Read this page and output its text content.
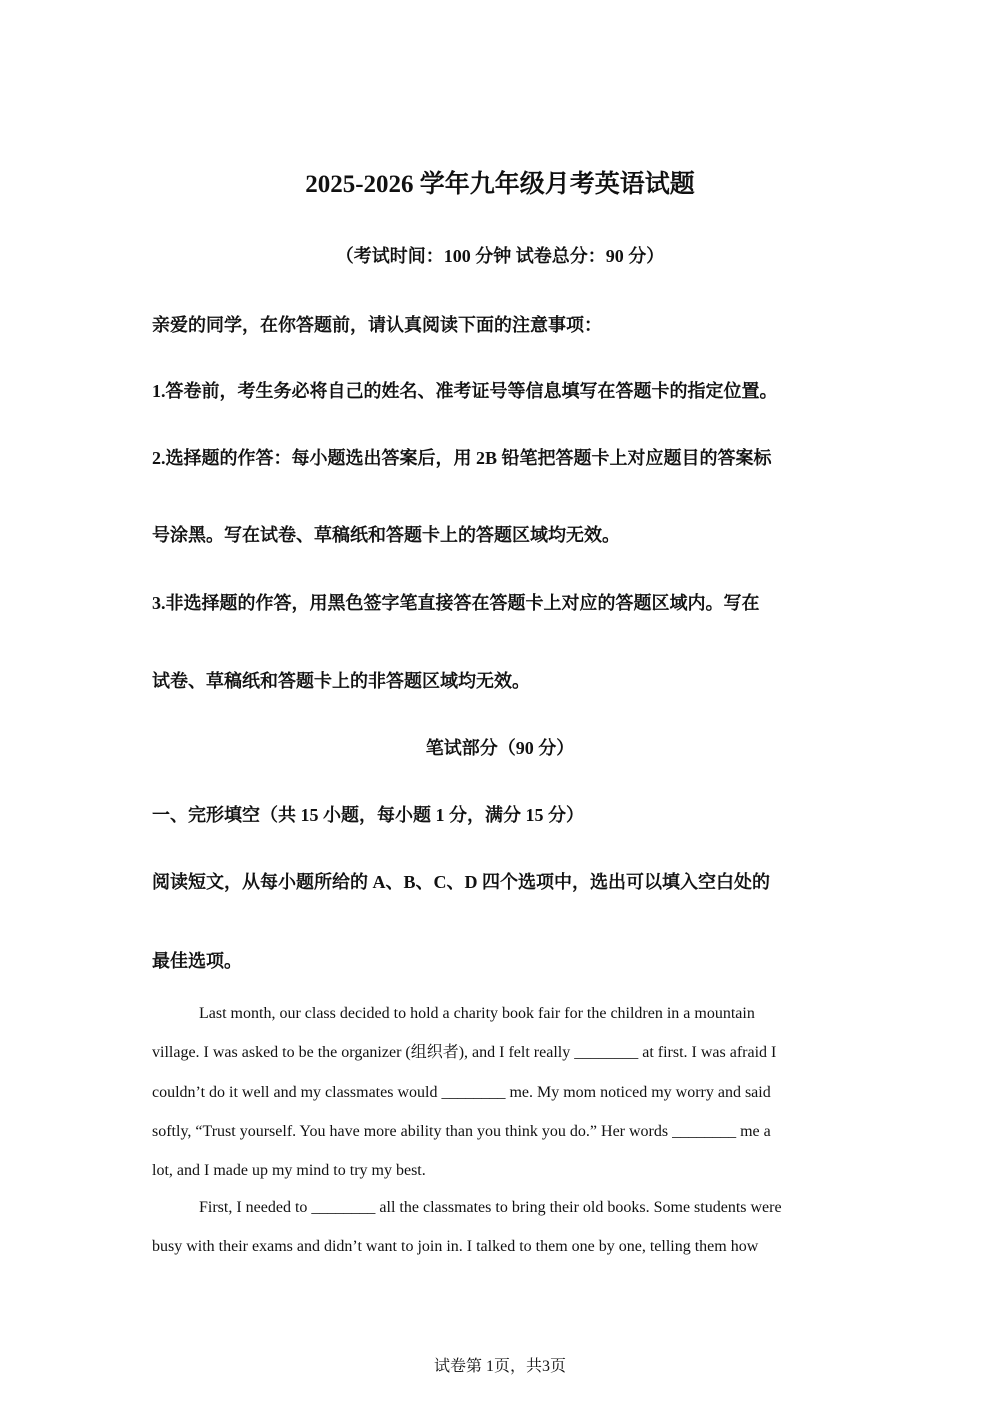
2025-2026 学年九年级月考英语试题
（考试时间：100 分钟 试卷总分：90 分）
亲爱的同学，在你答题前，请认真阅读下面的注意事项：
1.答卷前，考生务必将自己的姓名、准考证号等信息填写在答题卡的指定位置。
2.选择题的作答：每小题选出答案后，用 2B 铅笔把答题卡上对应题目的答案标
号涂黑。写在试卷、草稿纸和答题卡上的答题区域均无效。
3.非选择题的作答，用黑色签字笔直接答在答题卡上对应的答题区域内。写在
试卷、草稿纸和答题卡上的非答题区域均无效。
笔试部分（90 分）
一、完形填空（共 15 小题，每小题 1 分，满分 15 分）
阅读短文，从每小题所给的 A、B、C、D 四个选项中，选出可以填入空白处的
最佳选项。
Last month, our class decided to hold a charity book fair for the children in a mountain
village. I was asked to be the organizer (组织者), and I felt really ________ at first. I was afraid I
couldn’t do it well and my classmates would ________ me. My mom noticed my worry and said
softly, “Trust yourself. You have more ability than you think you do.” Her words ________ me a
lot, and I made up my mind to try my best.
First, I needed to ________ all the classmates to bring their old books. Some students were
busy with their exams and didn’t want to join in. I talked to them one by one, telling them how
试卷第 1页，共3页
